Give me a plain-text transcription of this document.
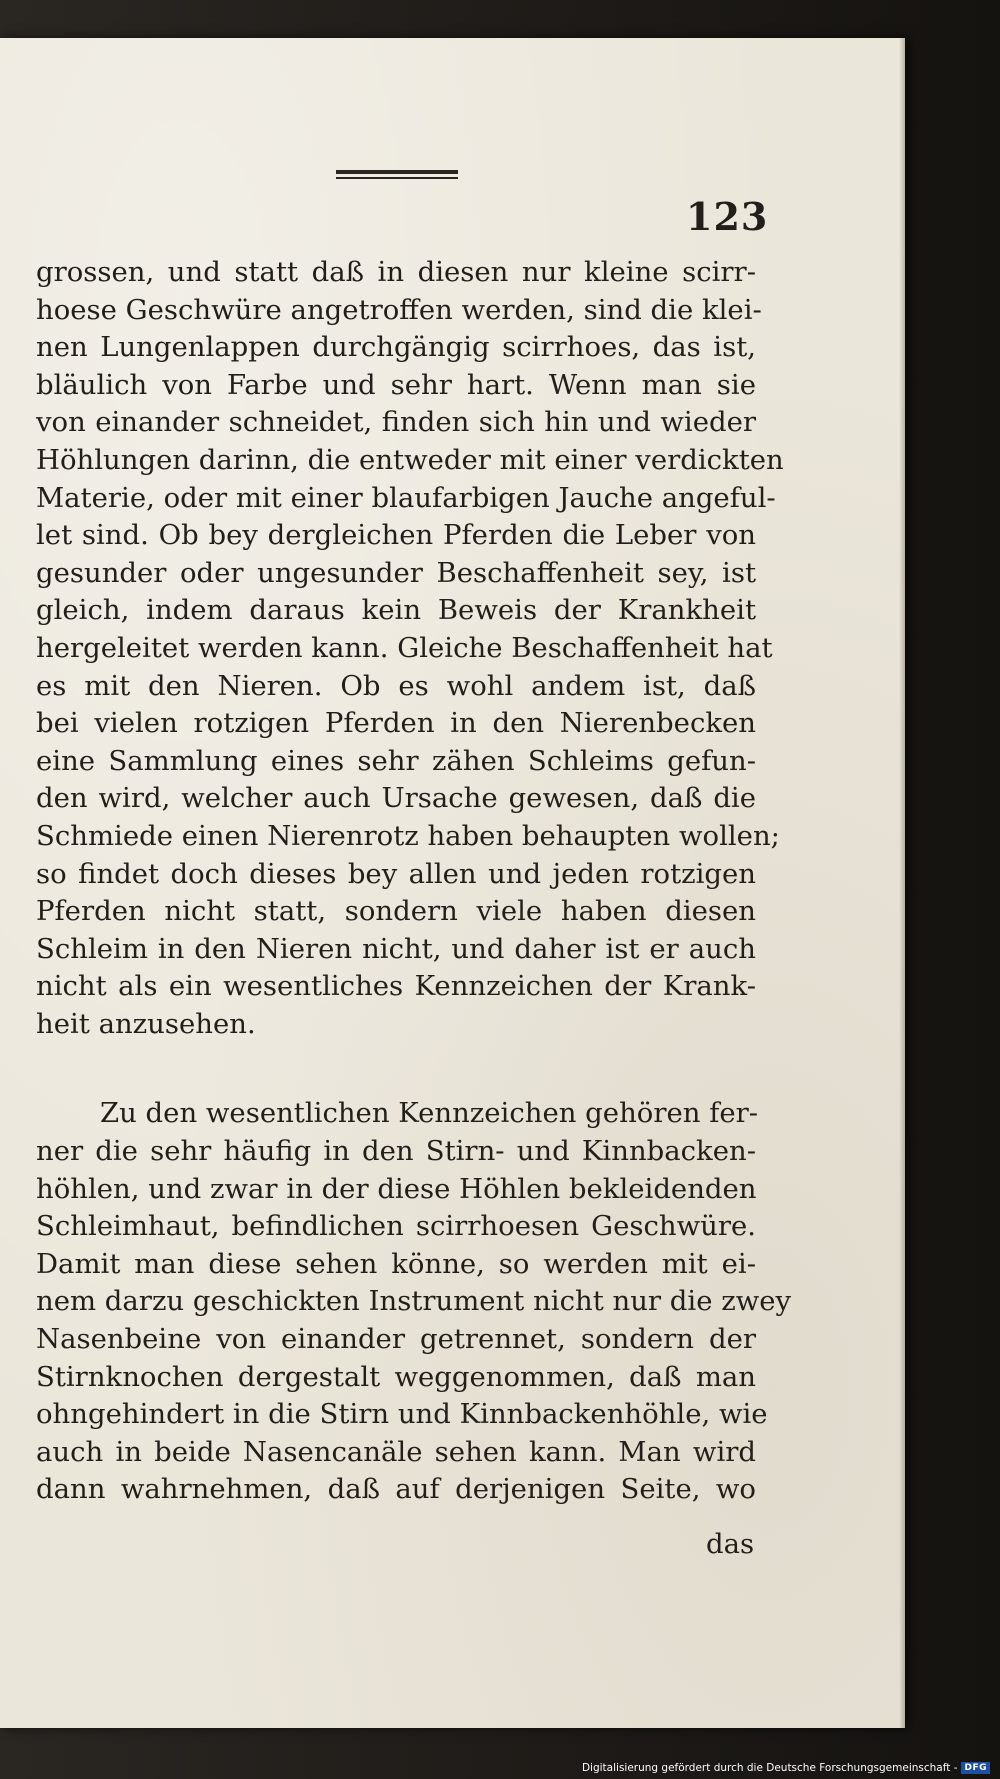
123
grossen, und statt daß in diesen nur kleine scirr-
hoese Geschwüre angetroffen werden, sind die klei-
nen Lungenlappen durchgängig scirrhoes, das ist,
bläulich von Farbe und sehr hart. Wenn man sie
von einander schneidet, finden sich hin und wieder
Höhlungen darinn, die entweder mit einer verdickten
Materie, oder mit einer blaufarbigen Jauche angeful-
let sind. Ob bey dergleichen Pferden die Leber von
gesunder oder ungesunder Beschaffenheit sey, ist
gleich, indem daraus kein Beweis der Krankheit
hergeleitet werden kann. Gleiche Beschaffenheit hat
es mit den Nieren. Ob es wohl andem ist, daß
bei vielen rotzigen Pferden in den Nierenbecken
eine Sammlung eines sehr zähen Schleims gefun-
den wird, welcher auch Ursache gewesen, daß die
Schmiede einen Nierenrotz haben behaupten wollen;
so findet doch dieses bey allen und jeden rotzigen
Pferden nicht statt, sondern viele haben diesen
Schleim in den Nieren nicht, und daher ist er auch
nicht als ein wesentliches Kennzeichen der Krank-
heit anzusehen.
Zu den wesentlichen Kennzeichen gehören fer-
ner die sehr häufig in den Stirn- und Kinnbacken-
höhlen, und zwar in der diese Höhlen bekleidenden
Schleimhaut, befindlichen scirrhoesen Geschwüre.
Damit man diese sehen könne, so werden mit ei-
nem darzu geschickten Instrument nicht nur die zwey
Nasenbeine von einander getrennet, sondern der
Stirnknochen dergestalt weggenommen, daß man
ohngehindert in die Stirn und Kinnbackenhöhle, wie
auch in beide Nasencanäle sehen kann. Man wird
dann wahrnehmen, daß auf derjenigen Seite, wo
das
Digitalisierung gefördert durch die Deutsche Forschungsgemeinschaft - DFG
